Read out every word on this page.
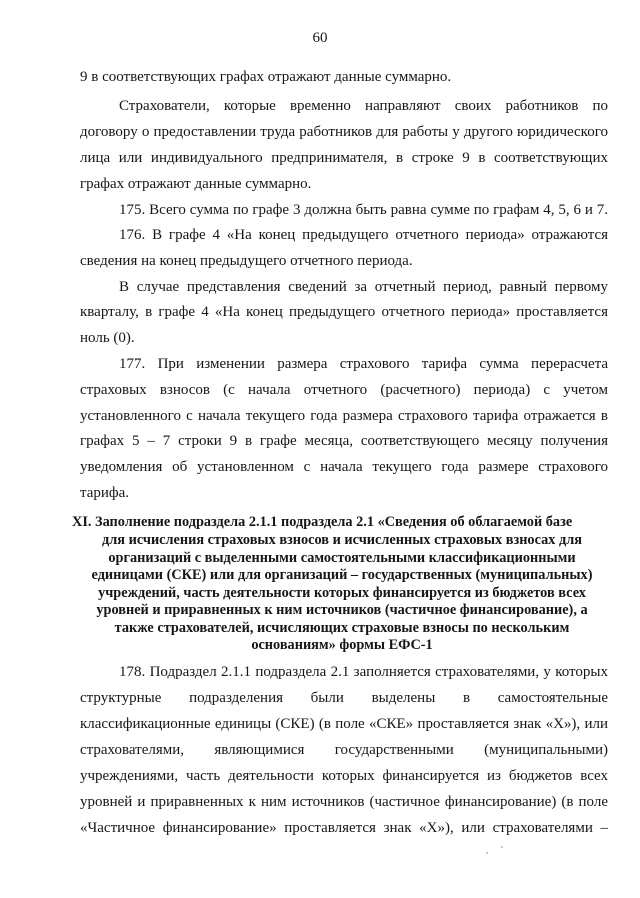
60
9 в соответствующих графах отражают данные суммарно.
Страхователи, которые временно направляют своих работников по
договору о предоставлении труда работников для работы у другого юридического
лица или индивидуального предпринимателя, в строке 9 в соответствующих
графах отражают данные суммарно.
175. Всего сумма по графе 3 должна быть равна сумме по графам 4, 5, 6 и 7.
176. В графе 4 «На конец предыдущего отчетного периода» отражаются
сведения на конец предыдущего отчетного периода.
В случае представления сведений за отчетный период, равный первому
кварталу, в графе 4 «На конец предыдущего отчетного периода» проставляется
ноль (0).
177. При изменении размера страхового тарифа сумма перерасчета
страховых взносов (с начала отчетного (расчетного) периода) с учетом
установленного с начала текущего года размера страхового тарифа отражается в
графах 5 – 7 строки 9 в графе месяца, соответствующего месяцу получения
уведомления об установленном с начала текущего года размере страхового
тарифа.
XI. Заполнение подраздела 2.1.1 подраздела 2.1 «Сведения об облагаемой базе
для исчисления страховых взносов и исчисленных страховых взносах для
организаций с выделенными самостоятельными классификационными
единицами (СКЕ) или для организаций – государственных (муниципальных)
учреждений, часть деятельности которых финансируется из бюджетов всех
уровней и приравненных к ним источников (частичное финансирование), а
также страхователей, исчисляющих страховые взносы по нескольким
основаниям» формы ЕФС-1
178. Подраздел 2.1.1 подраздела 2.1 заполняется страхователями, у которых
структурные подразделения были выделены в самостоятельные
классификационные единицы (СКЕ) (в поле «СКЕ» проставляется знак «Х»), или
страхователями, являющимися государственными (муниципальными)
учреждениями, часть деятельности которых финансируется из бюджетов всех
уровней и приравненных к ним источников (частичное финансирование) (в поле
«Частичное финансирование» проставляется знак «Х»), или страхователями –
